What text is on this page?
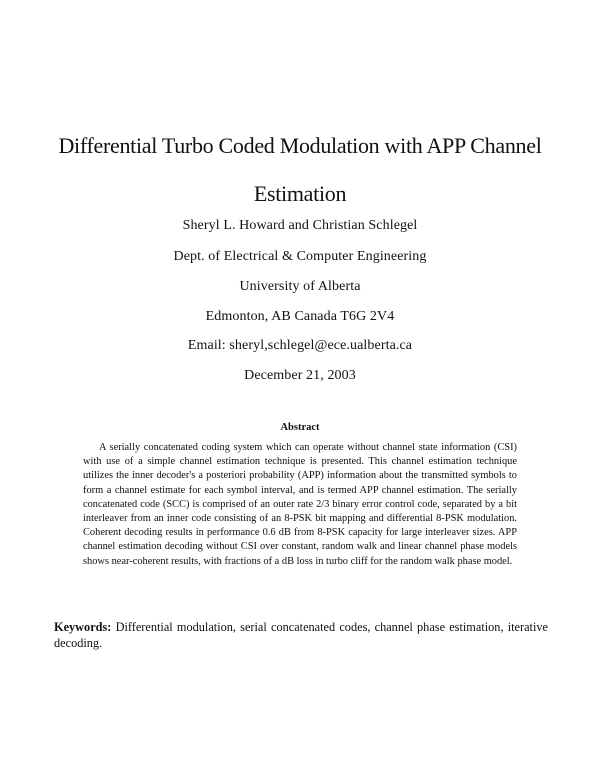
Differential Turbo Coded Modulation with APP Channel Estimation
Sheryl L. Howard and Christian Schlegel
Dept. of Electrical & Computer Engineering
University of Alberta
Edmonton, AB Canada T6G 2V4
Email: sheryl,schlegel@ece.ualberta.ca
December 21, 2003
Abstract
A serially concatenated coding system which can operate without channel state information (CSI) with use of a simple channel estimation technique is presented. This channel estimation technique utilizes the inner decoder's a posteriori probability (APP) information about the transmitted symbols to form a channel estimate for each symbol interval, and is termed APP channel estimation. The serially concatenated code (SCC) is comprised of an outer rate 2/3 binary error control code, separated by a bit interleaver from an inner code consisting of an 8-PSK bit mapping and differential 8-PSK modulation. Coherent decoding results in performance 0.6 dB from 8-PSK capacity for large interleaver sizes. APP channel estimation decoding without CSI over constant, random walk and linear channel phase models shows near-coherent results, with fractions of a dB loss in turbo cliff for the random walk phase model.
Keywords: Differential modulation, serial concatenated codes, channel phase estimation, iterative decoding.
